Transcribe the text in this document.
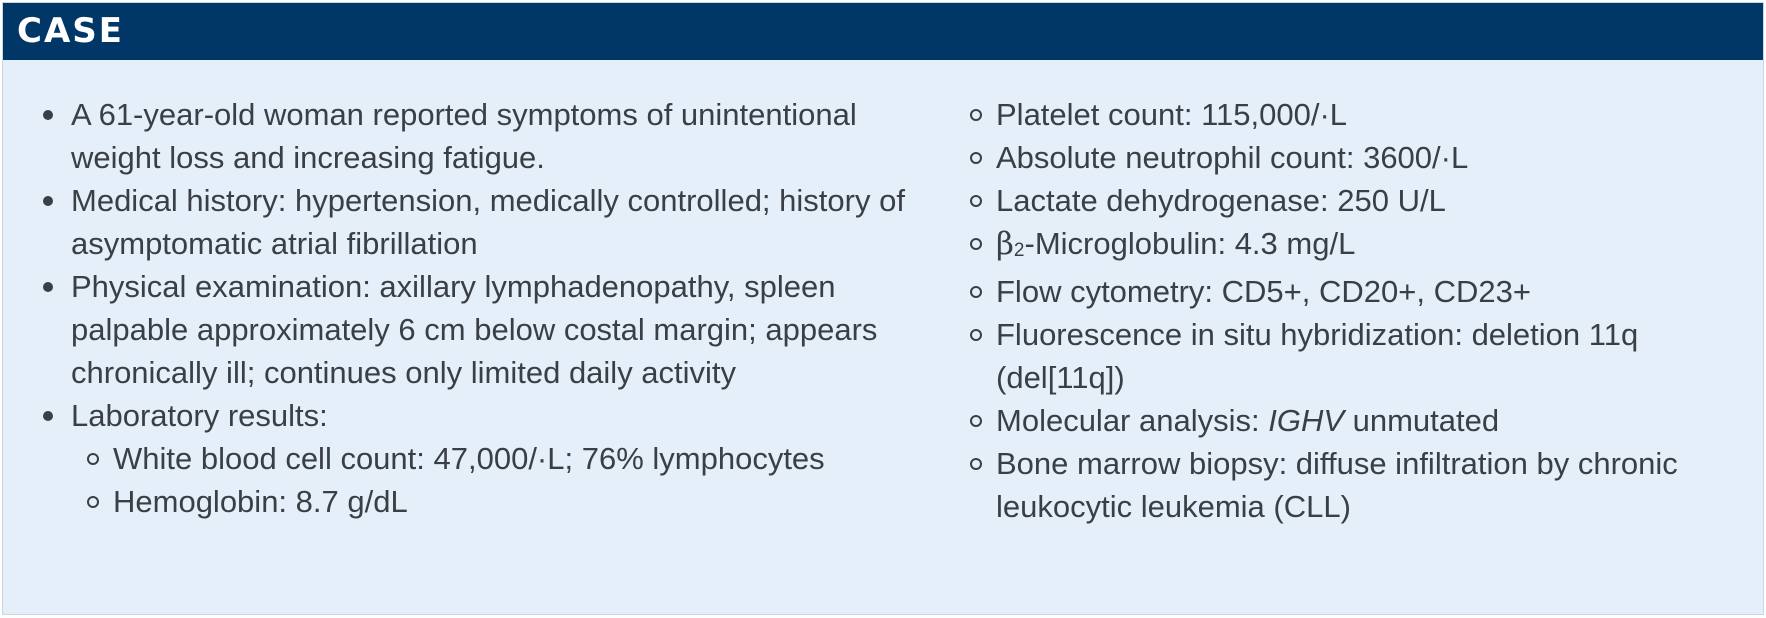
CASE
A 61-year-old woman reported symptoms of unintentional weight loss and increasing fatigue.
Medical history: hypertension, medically controlled; history of asymptomatic atrial fibrillation
Physical examination: axillary lymphadenopathy, spleen palpable approximately 6 cm below costal margin; appears chronically ill; continues only limited daily activity
Laboratory results:
White blood cell count: 47,000/·L; 76% lymphocytes
Hemoglobin: 8.7 g/dL
Platelet count: 115,000/·L
Absolute neutrophil count: 3600/·L
Lactate dehydrogenase: 250 U/L
β2-Microglobulin: 4.3 mg/L
Flow cytometry: CD5+, CD20+, CD23+
Fluorescence in situ hybridization: deletion 11q (del[11q])
Molecular analysis: IGHV unmutated
Bone marrow biopsy: diffuse infiltration by chronic leukocytic leukemia (CLL)
